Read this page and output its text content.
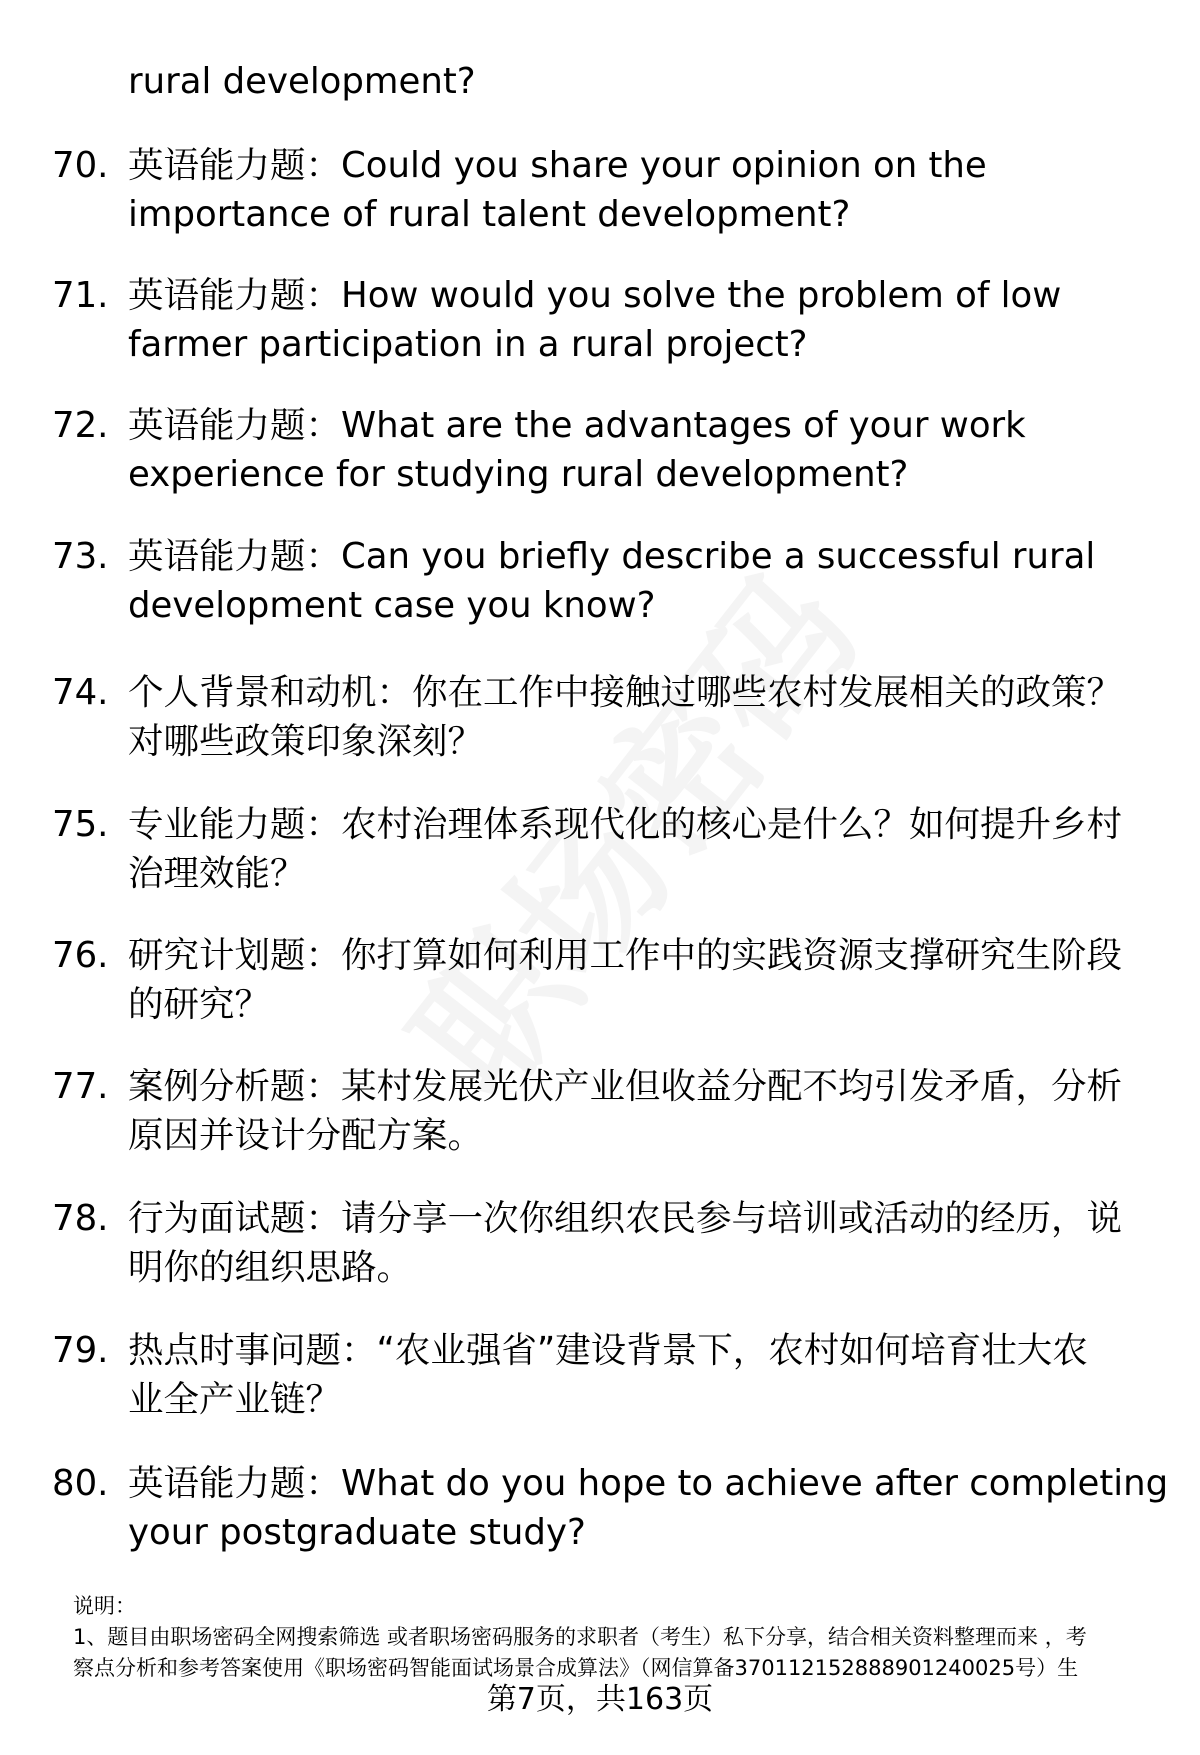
rural development?
70. 英语能力题：Could you share your opinion on the
importance of rural talent development?
71. 英语能力题：How would you solve the problem of low
farmer participation in a rural project?
72. 英语能力题：What are the advantages of your work
experience for studying rural development?
73. 英语能力题：Can you briefly describe a successful rural
development case you know?
74. 个人背景和动机：你在工作中接触过哪些农村发展相关的政策？
对哪些政策印象深刻？
75. 专业能力题：农村治理体系现代化的核心是什么？如何提升乡村
治理效能？
76. 研究计划题：你打算如何利用工作中的实践资源支撑研究生阶段
的研究？
77. 案例分析题：某村发展光伏产业但收益分配不均引发矛盾，分析
原因并设计分配方案。
78. 行为面试题：请分享一次你组织农民参与培训或活动的经历，说
明你的组织思路。
79. 热点时事问题：“农业强省”建设背景下，农村如何培育壮大农
业全产业链？
80. 英语能力题：What do you hope to achieve after completing
your postgraduate study?
说明：
1、题目由职场密码全网搜索筛选 或者职场密码服务的求职者（考生）私下分享，结合相关资料整理而来 ，考
察点分析和参考答案使用《职场密码智能面试场景合成算法》（网信算备370112152888901240025号）生
第7页，共163页
